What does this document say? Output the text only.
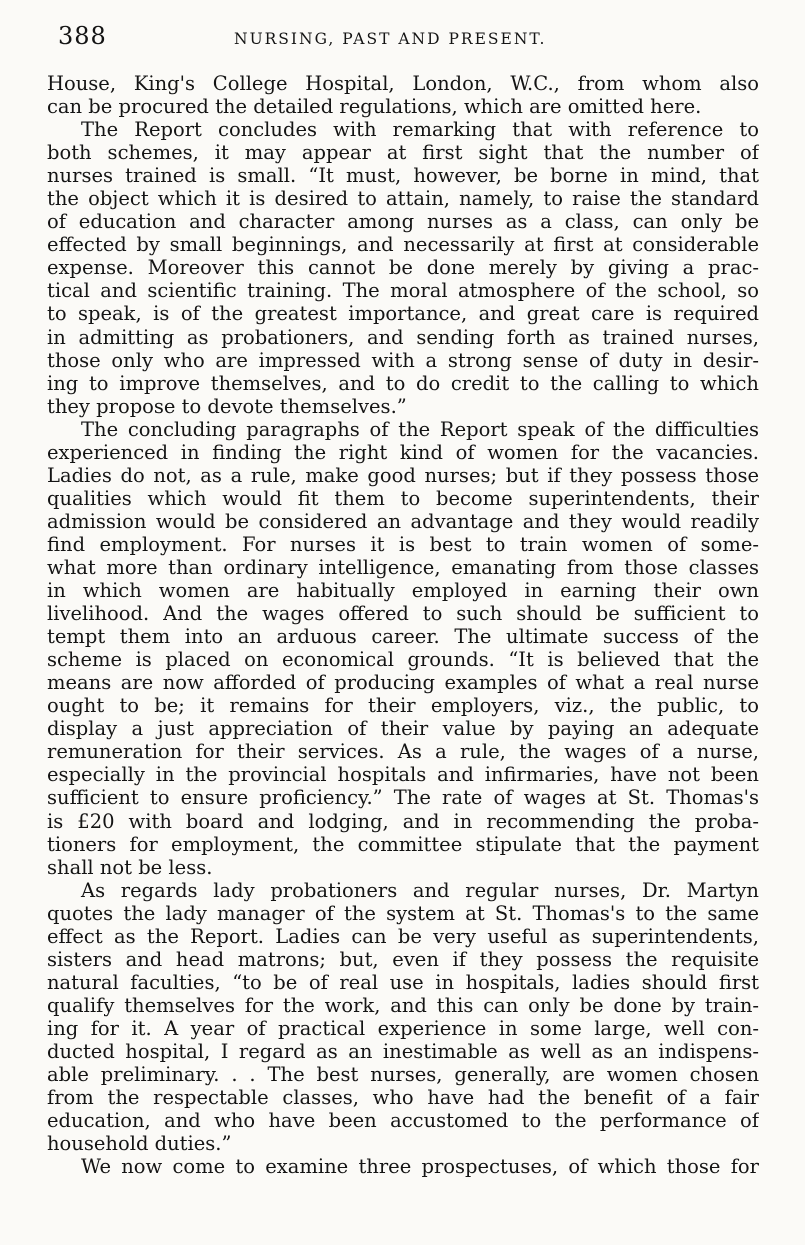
388	NURSING, PAST AND PRESENT.
House, King's College Hospital, London, W.C., from whom also
can be procured the detailed regulations, which are omitted here.
The Report concludes with remarking that with reference to
both schemes, it may appear at first sight that the number of
nurses trained is small. “It must, however, be borne in mind, that
the object which it is desired to attain, namely, to raise the standard
of education and character among nurses as a class, can only be
effected by small beginnings, and necessarily at first at considerable
expense. Moreover this cannot be done merely by giving a prac-
tical and scientific training. The moral atmosphere of the school, so
to speak, is of the greatest importance, and great care is required
in admitting as probationers, and sending forth as trained nurses,
those only who are impressed with a strong sense of duty in desir-
ing to improve themselves, and to do credit to the calling to which
they propose to devote themselves.”
The concluding paragraphs of the Report speak of the difficulties
experienced in finding the right kind of women for the vacancies.
Ladies do not, as a rule, make good nurses; but if they possess those
qualities which would fit them to become superintendents, their
admission would be considered an advantage and they would readily
find employment. For nurses it is best to train women of some-
what more than ordinary intelligence, emanating from those classes
in which women are habitually employed in earning their own
livelihood. And the wages offered to such should be sufficient to
tempt them into an arduous career. The ultimate success of the
scheme is placed on economical grounds. “It is believed that the
means are now afforded of producing examples of what a real nurse
ought to be; it remains for their employers, viz., the public, to
display a just appreciation of their value by paying an adequate
remuneration for their services. As a rule, the wages of a nurse,
especially in the provincial hospitals and infirmaries, have not been
sufficient to ensure proficiency.” The rate of wages at St. Thomas's
is £20 with board and lodging, and in recommending the proba-
tioners for employment, the committee stipulate that the payment
shall not be less.
As regards lady probationers and regular nurses, Dr. Martyn
quotes the lady manager of the system at St. Thomas's to the same
effect as the Report. Ladies can be very useful as superintendents,
sisters and head matrons; but, even if they possess the requisite
natural faculties, “to be of real use in hospitals, ladies should first
qualify themselves for the work, and this can only be done by train-
ing for it. A year of practical experience in some large, well con-
ducted hospital, I regard as an inestimable as well as an indispens-
able preliminary. . . The best nurses, generally, are women chosen
from the respectable classes, who have had the benefit of a fair
education, and who have been accustomed to the performance of
household duties.”
We now come to examine three prospectuses, of which those for
